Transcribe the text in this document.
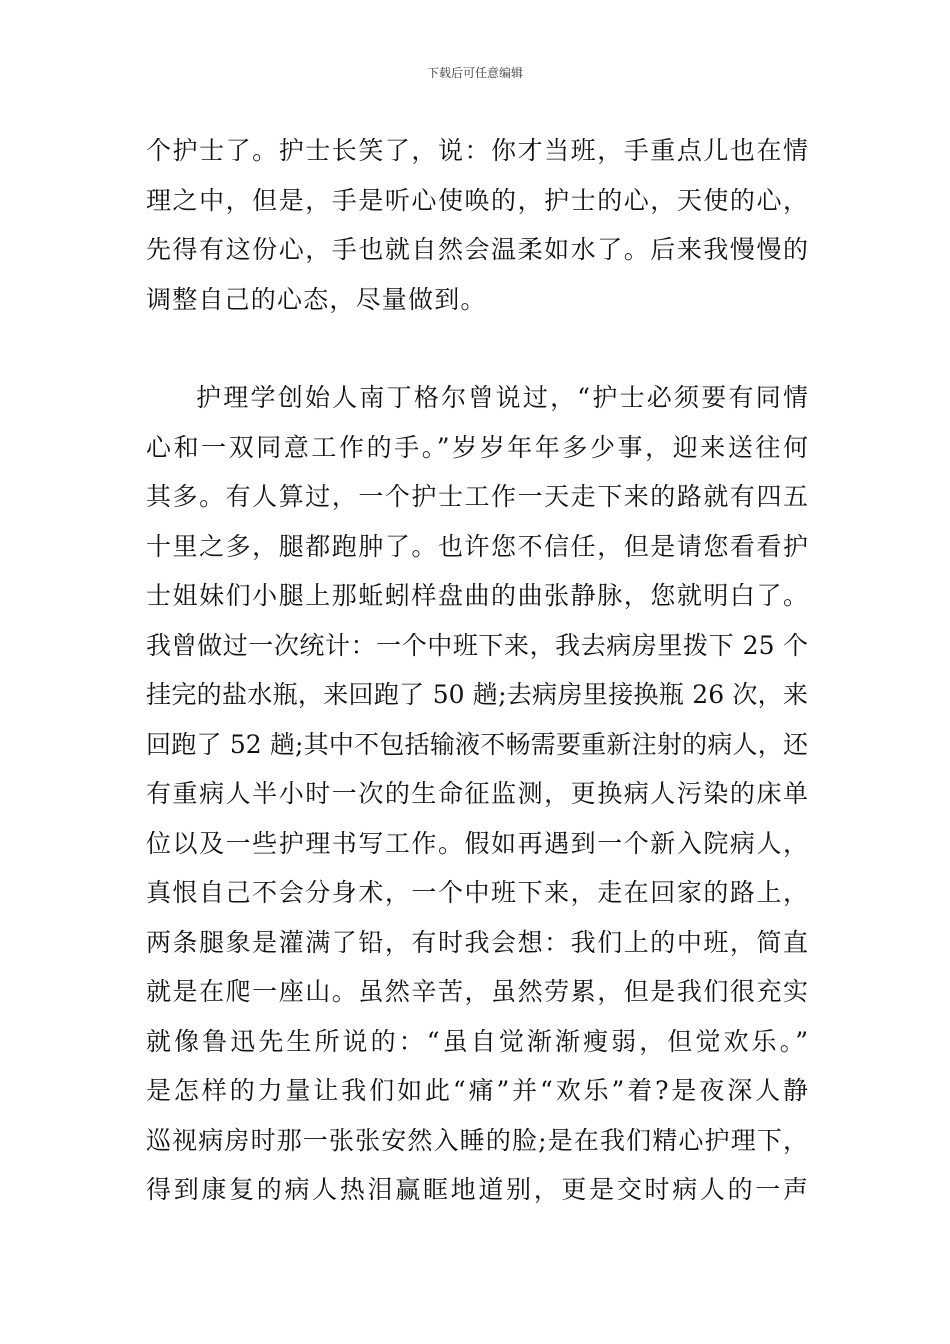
下载后可任意编辑
个护士了。护士长笑了，说：你才当班，手重点儿也在情
理之中，但是，手是听心使唤的，护士的心，天使的心，
先得有这份心，手也就自然会温柔如水了。后来我慢慢的
调整自己的心态，尽量做到。
护理学创始人南丁格尔曾说过，“护士必须要有同情
心和一双同意工作的手。”岁岁年年多少事，迎来送往何
其多。有人算过，一个护士工作一天走下来的路就有四五
十里之多，腿都跑肿了。也许您不信任，但是请您看看护
士姐妹们小腿上那蚯蚓样盘曲的曲张静脉，您就明白了。
我曾做过一次统计：一个中班下来，我去病房里拨下 25 个
挂完的盐水瓶，来回跑了 50 趟;去病房里接换瓶 26 次，来
回跑了 52 趟;其中不包括输液不畅需要重新注射的病人，还
有重病人半小时一次的生命征监测，更换病人污染的床单
位以及一些护理书写工作。假如再遇到一个新入院病人，
真恨自己不会分身术，一个中班下来，走在回家的路上，
两条腿象是灌满了铅，有时我会想：我们上的中班，简直
就是在爬一座山。虽然辛苦，虽然劳累，但是我们很充实
就像鲁迅先生所说的：“虽自觉渐渐瘦弱，但觉欢乐。”
是怎样的力量让我们如此“痛”并“欢乐”着?是夜深人静
巡视病房时那一张张安然入睡的脸;是在我们精心护理下，
得到康复的病人热泪赢眶地道别，更是交时病人的一声
